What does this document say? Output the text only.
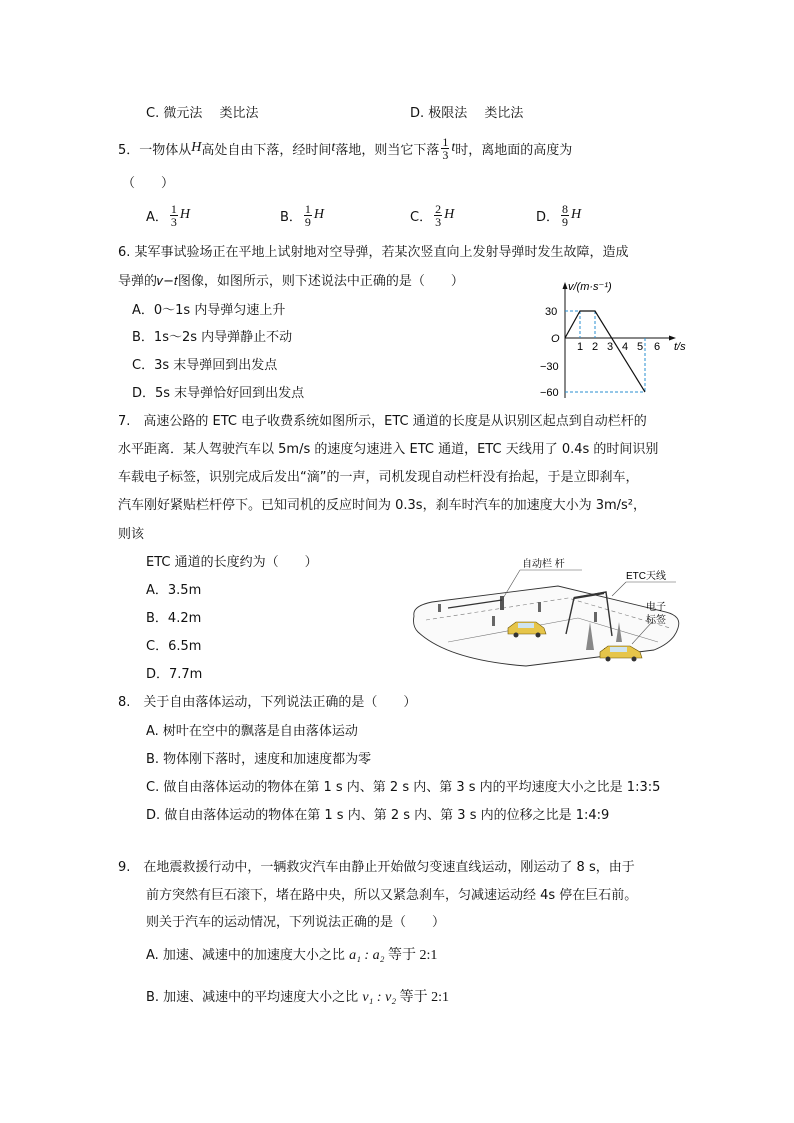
C. 微元法　 类比法	D. 极限法　 类比法
5．一物体从 H 高处自由下落，经时间 t 落地，则当它下落 $\frac{1}{3}$ t 时，离地面的高度为
（　　）
A． $\frac{1}{3}$ H	B． $\frac{1}{9}$ H	C． $\frac{2}{3}$ H	D． $\frac{8}{9}$ H
6. 某军事试验场正在平地上试射地对空导弹，若某次竖直向上发射导弹时发生故障，造成
导弹的𝑣−𝑡图像，如图所示，则下述说法中正确的是（　　）
A．0～1s 内导弹匀速上升
B．1s～2s 内导弹静止不动
C．3s 末导弹回到出发点
D．5s 末导弹恰好回到出发点
v/(m·s⁻¹)
t/s
O
30
−30
−60
1 2 3 4 5 6
7.　高速公路的 ETC 电子收费系统如图所示，ETC 通道的长度是从识别区起点到自动栏杆的
水平距离．某人驾驶汽车以 5m/s 的速度匀速进入 ETC 通道，ETC 天线用了 0.4s 的时间识别
车载电子标签，识别完成后发出“滴”的一声，司机发现自动栏杆没有抬起，于是立即刹车，
汽车刚好紧贴栏杆停下。已知司机的反应时间为 0.3s，刹车时汽车的加速度大小为 3m/s²，
则该
ETC 通道的长度约为（　　）
A．3.5m
B．4.2m
C．6.5m
D．7.7m
自动栏 杆
ETC天线
电子
标签
8.　关于自由落体运动，下列说法正确的是（　　）
A. 树叶在空中的飘落是自由落体运动
B. 物体刚下落时，速度和加速度都为零
C. 做自由落体运动的物体在第 1 s 内、第 2 s 内、第 3 s 内的平均速度大小之比是 1:3:5
D. 做自由落体运动的物体在第 1 s 内、第 2 s 内、第 3 s 内的位移之比是 1:4:9
9.　在地震救援行动中，一辆救灾汽车由静止开始做匀变速直线运动，刚运动了 8 s，由于
前方突然有巨石滚下，堵在路中央，所以又紧急刹车，匀减速运动经 4s 停在巨石前。
则关于汽车的运动情况，下列说法正确的是（　　）
A. 加速、减速中的加速度大小之比 a₁ : a₂ 等于 2:1
B. 加速、减速中的平均速度大小之比 v₁ : v₂ 等于 2:1
